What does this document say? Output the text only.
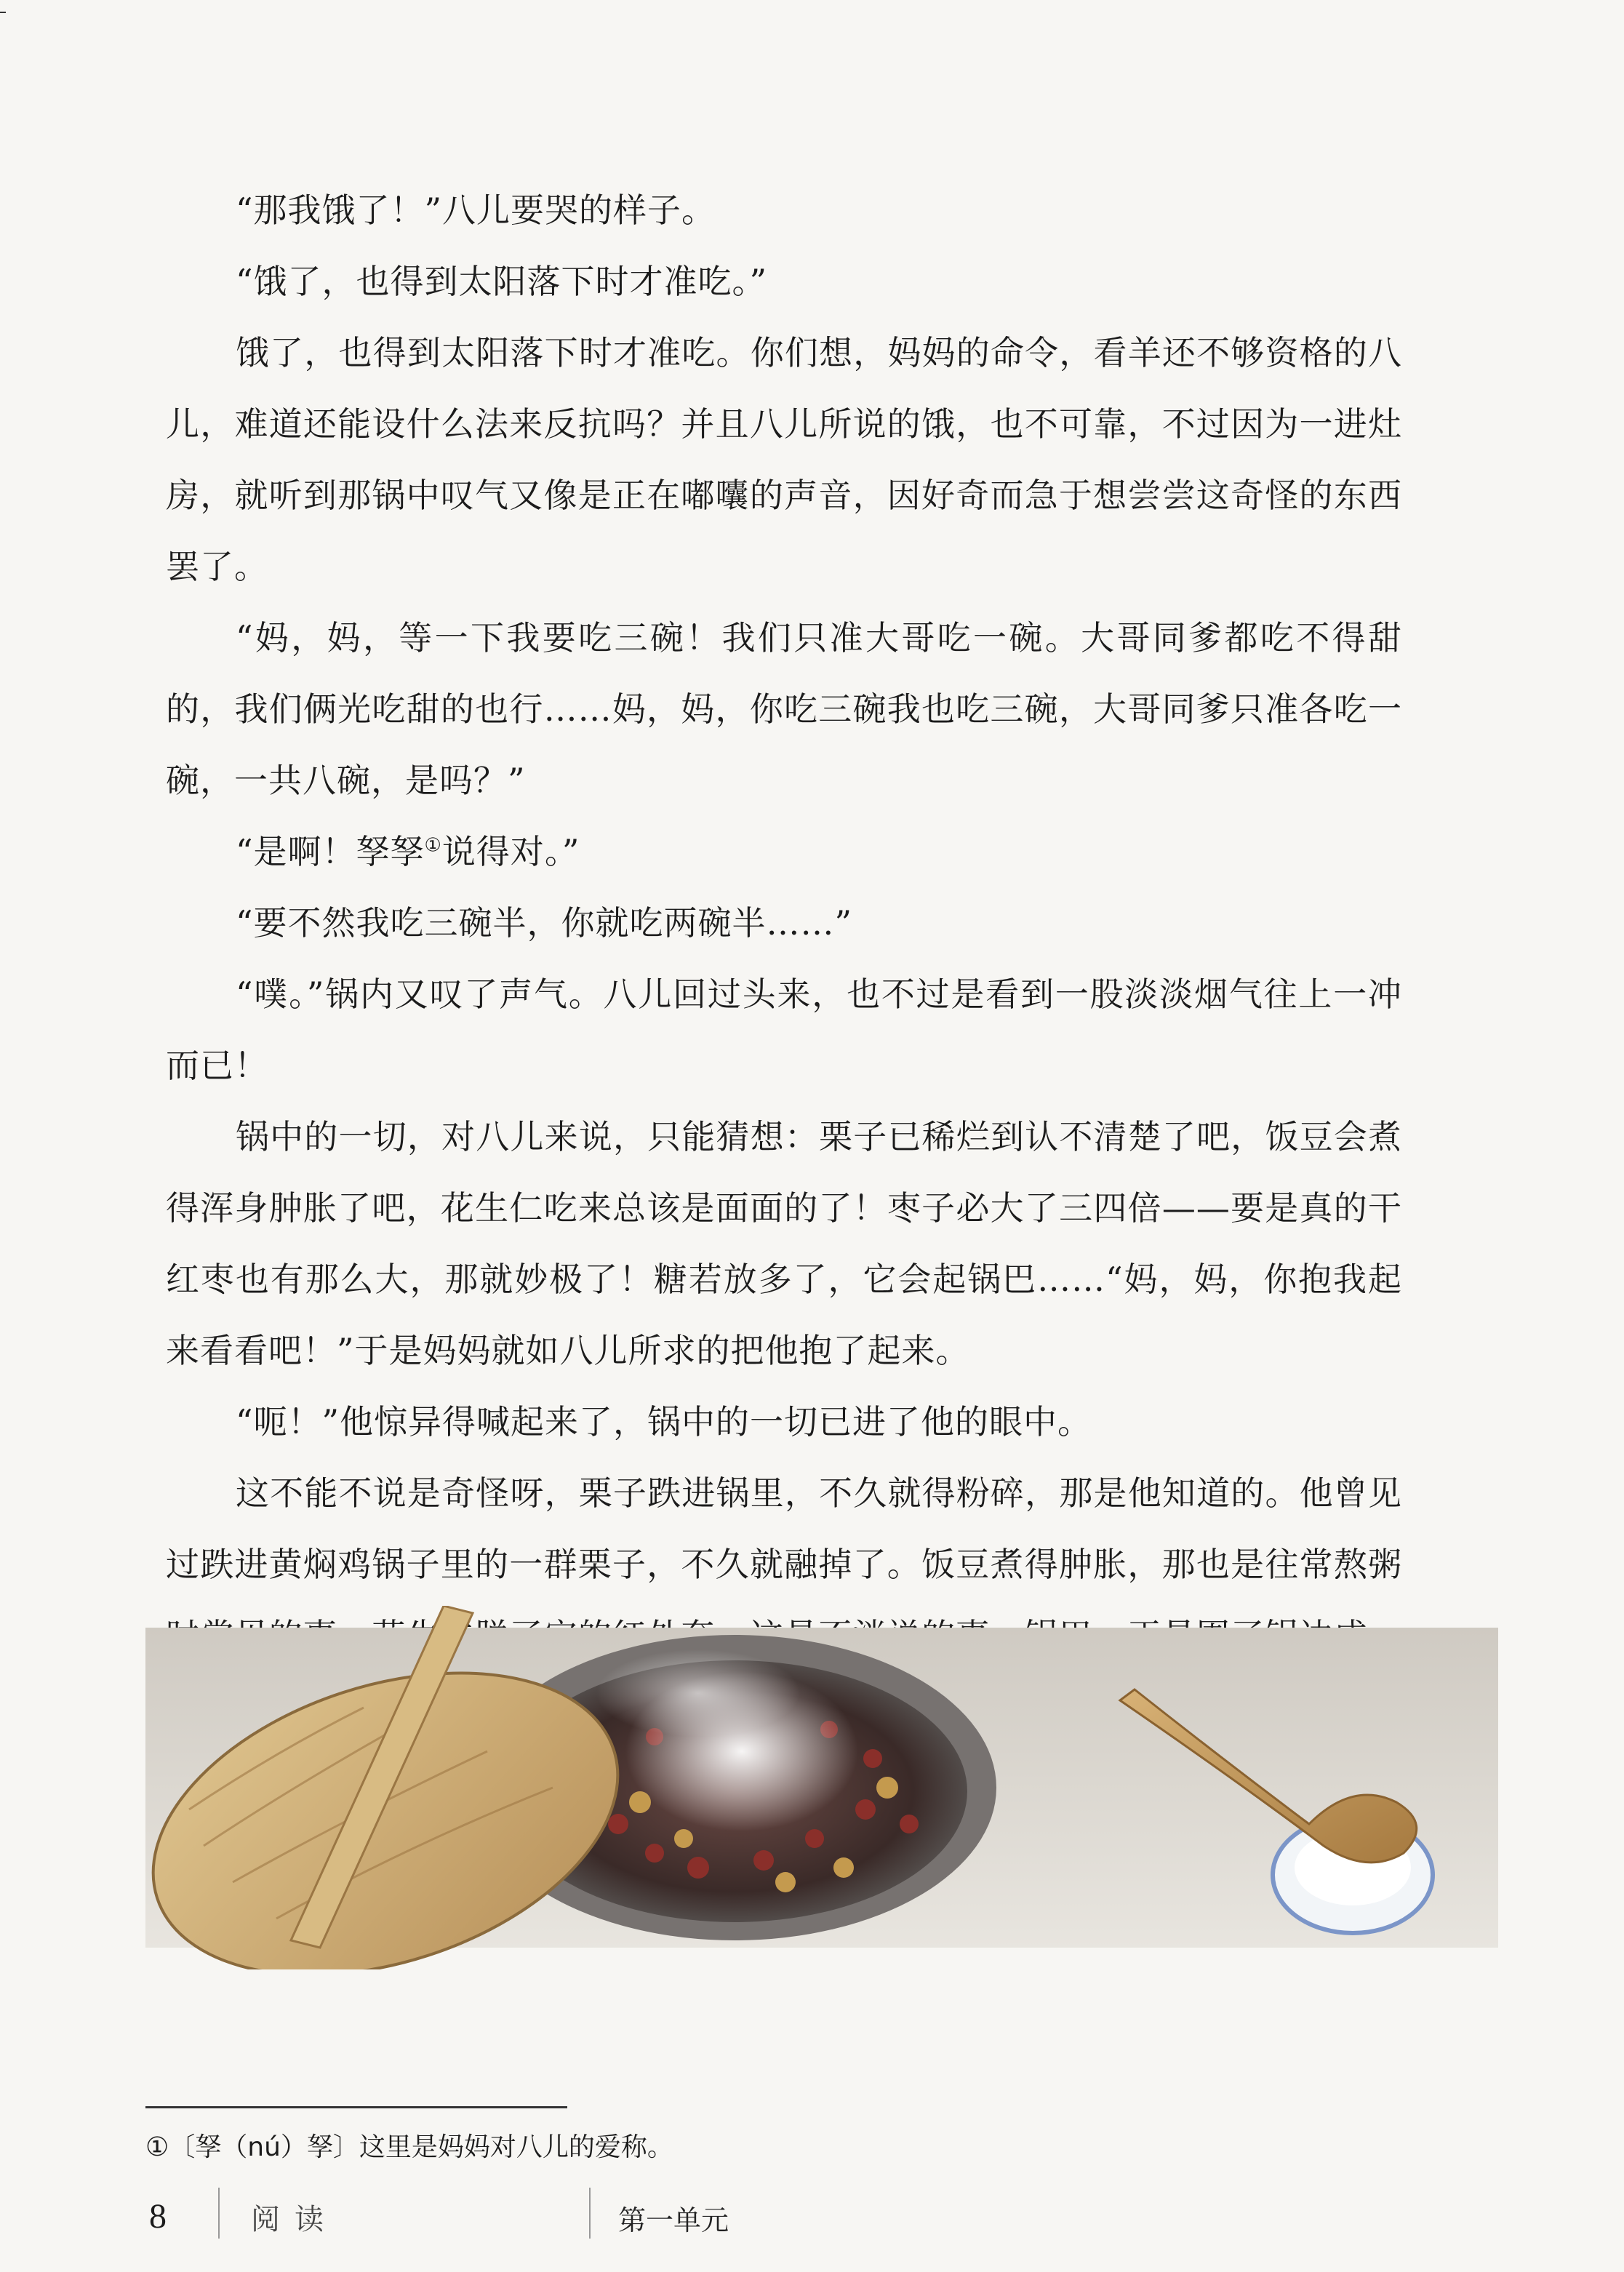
“那我饿了！”八儿要哭的样子。

“饿了，也得到太阳落下时才准吃。”

饿了，也得到太阳落下时才准吃。你们想，妈妈的命令，看羊还不够资格的八儿，难道还能设什么法来反抗吗？并且八儿所说的饿，也不可靠，不过因为一进灶房，就听到那锅中叹气又像是正在嘟囔的声音，因好奇而急于想尝尝这奇怪的东西罢了。

“妈，妈，等一下我要吃三碗！我们只准大哥吃一碗。大哥同爹都吃不得甜的，我们俩光吃甜的也行……妈，妈，你吃三碗我也吃三碗，大哥同爹只准各吃一碗，一共八碗，是吗？”

“是啊！孥孥①说得对。”

“要不然我吃三碗半，你就吃两碗半……”

“噗。”锅内又叹了声气。八儿回过头来，也不过是看到一股淡淡烟气往上一冲而已！

锅中的一切，对八儿来说，只能猜想：栗子已稀烂到认不清楚了吧，饭豆会煮得浑身肿胀了吧，花生仁吃来总该是面面的了！枣子必大了三四倍——要是真的干红枣也有那么大，那就妙极了！糖若放多了，它会起锅巴……“妈，妈，你抱我起来看看吧！”于是妈妈就如八儿所求的把他抱了起来。

“呃！”他惊异得喊起来了，锅中的一切已进了他的眼中。

这不能不说是奇怪呀，栗子跌进锅里，不久就得粉碎，那是他知道的。他曾见过跌进黄焖鸡锅子里的一群栗子，不久就融掉了。饭豆煮得肿胀，那也是往常熬粥

①〔孥（nú）孥〕这里是妈妈对八儿的爱称。
8	阅读	第一单元
